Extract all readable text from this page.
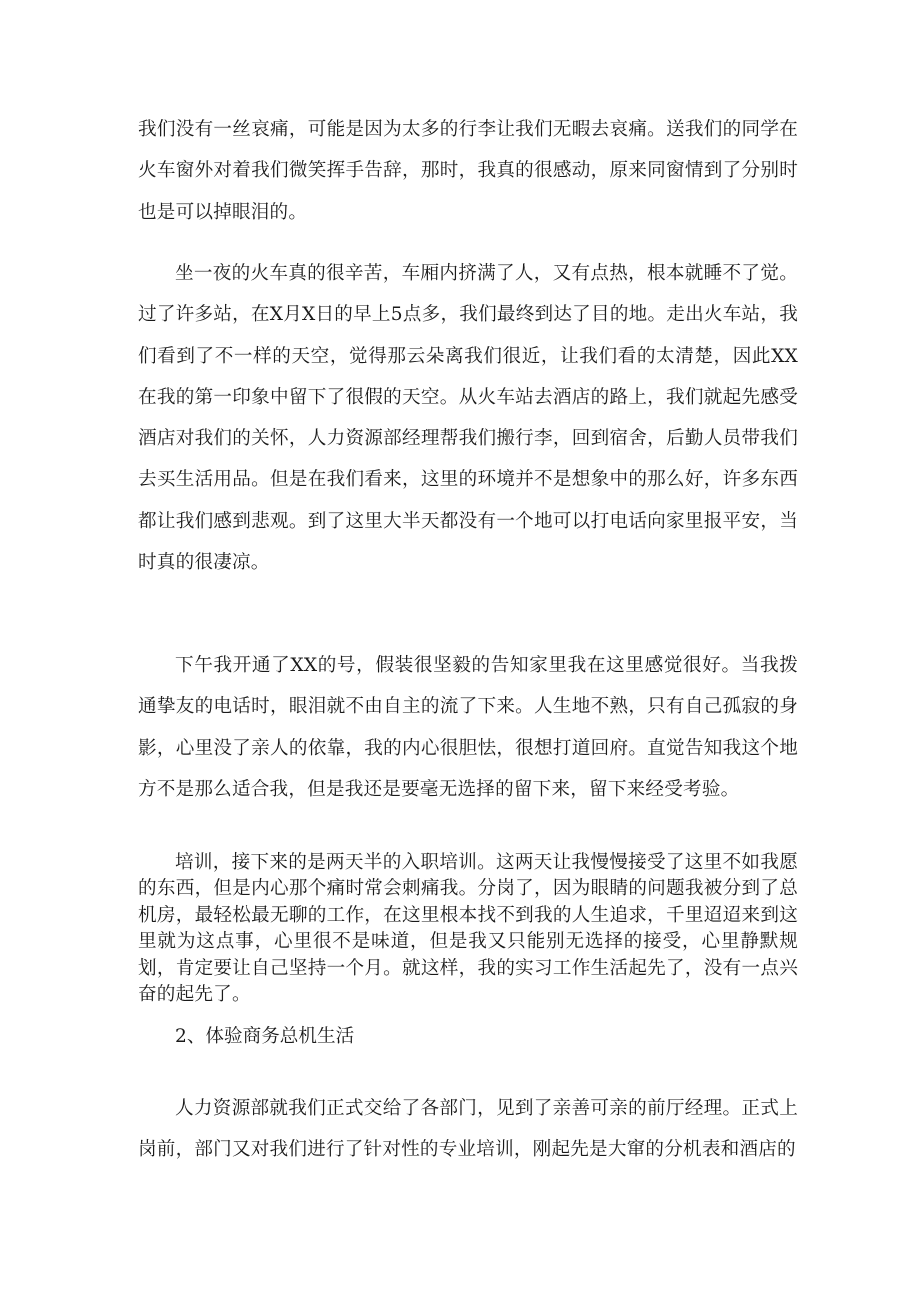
我们没有一丝哀痛，可能是因为太多的行李让我们无暇去哀痛。送我们的同学在火车窗外对着我们微笑挥手告辞，那时，我真的很感动，原来同窗情到了分别时也是可以掉眼泪的。

坐一夜的火车真的很辛苦，车厢内挤满了人，又有点热，根本就睡不了觉。过了许多站，在X月X日的早上5点多，我们最终到达了目的地。走出火车站，我们看到了不一样的天空，觉得那云朵离我们很近，让我们看的太清楚，因此XX在我的第一印象中留下了很假的天空。从火车站去酒店的路上，我们就起先感受酒店对我们的关怀，人力资源部经理帮我们搬行李，回到宿舍，后勤人员带我们去买生活用品。但是在我们看来，这里的环境并不是想象中的那么好，许多东西都让我们感到悲观。到了这里大半天都没有一个地可以打电话向家里报平安，当时真的很凄凉。

下午我开通了XX的号，假装很坚毅的告知家里我在这里感觉很好。当我拨通挚友的电话时，眼泪就不由自主的流了下来。人生地不熟，只有自己孤寂的身影，心里没了亲人的依靠，我的内心很胆怯，很想打道回府。直觉告知我这个地方不是那么适合我，但是我还是要毫无选择的留下来，留下来经受考验。

培训，接下来的是两天半的入职培训。这两天让我慢慢接受了这里不如我愿的东西，但是内心那个痛时常会刺痛我。分岗了，因为眼睛的问题我被分到了总机房，最轻松最无聊的工作，在这里根本找不到我的人生追求，千里迢迢来到这里就为这点事，心里很不是味道，但是我又只能别无选择的接受，心里静默规划，肯定要让自己坚持一个月。就这样，我的实习工作生活起先了，没有一点兴奋的起先了。

2、体验商务总机生活

人力资源部就我们正式交给了各部门，见到了亲善可亲的前厅经理。正式上岗前，部门又对我们进行了针对性的专业培训，刚起先是大窜的分机表和酒店的
